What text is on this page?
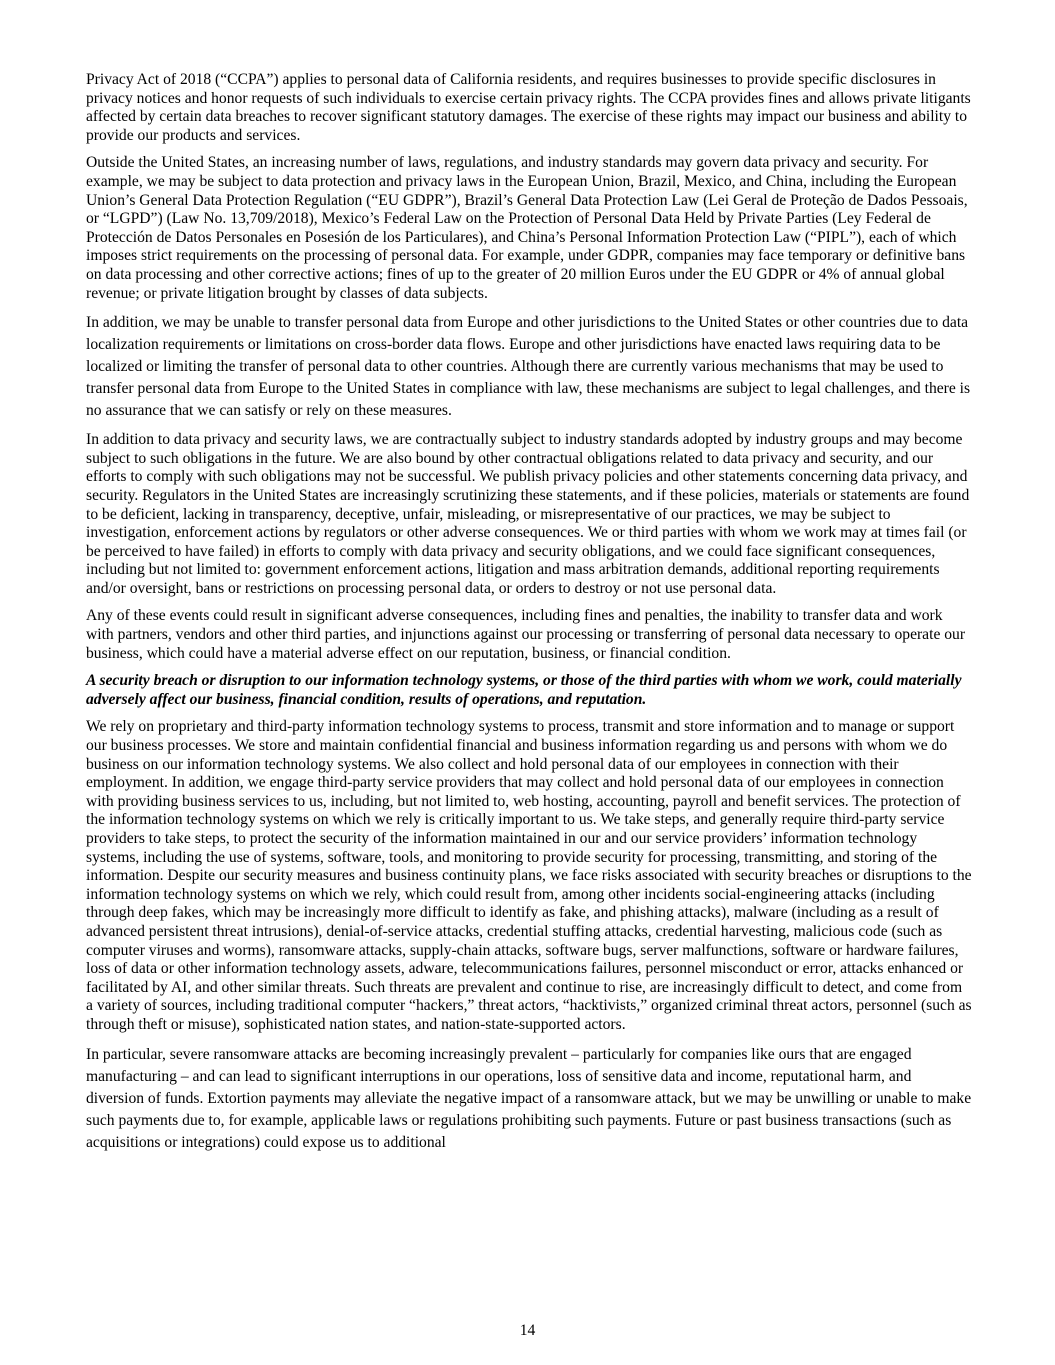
Privacy Act of 2018 (“CCPA”) applies to personal data of California residents, and requires businesses to provide specific disclosures in privacy notices and honor requests of such individuals to exercise certain privacy rights. The CCPA provides fines and allows private litigants affected by certain data breaches to recover significant statutory damages. The exercise of these rights may impact our business and ability to provide our products and services.

Outside the United States, an increasing number of laws, regulations, and industry standards may govern data privacy and security. For example, we may be subject to data protection and privacy laws in the European Union, Brazil, Mexico, and China, including the European Union’s General Data Protection Regulation (“EU GDPR”), Brazil’s General Data Protection Law (Lei Geral de Proteção de Dados Pessoais, or “LGPD”) (Law No. 13,709/2018), Mexico’s Federal Law on the Protection of Personal Data Held by Private Parties (Ley Federal de Protección de Datos Personales en Posesión de los Particulares), and China’s Personal Information Protection Law (“PIPL”), each of which imposes strict requirements on the processing of personal data. For example, under GDPR, companies may face temporary or definitive bans on data processing and other corrective actions; fines of up to the greater of 20 million Euros under the EU GDPR or 4% of annual global revenue; or private litigation brought by classes of data subjects.

In addition, we may be unable to transfer personal data from Europe and other jurisdictions to the United States or other countries due to data localization requirements or limitations on cross-border data flows. Europe and other jurisdictions have enacted laws requiring data to be localized or limiting the transfer of personal data to other countries. Although there are currently various mechanisms that may be used to transfer personal data from Europe to the United States in compliance with law, these mechanisms are subject to legal challenges, and there is no assurance that we can satisfy or rely on these measures.

In addition to data privacy and security laws, we are contractually subject to industry standards adopted by industry groups and may become subject to such obligations in the future. We are also bound by other contractual obligations related to data privacy and security, and our efforts to comply with such obligations may not be successful. We publish privacy policies and other statements concerning data privacy, and security. Regulators in the United States are increasingly scrutinizing these statements, and if these policies, materials or statements are found to be deficient, lacking in transparency, deceptive, unfair, misleading, or misrepresentative of our practices, we may be subject to investigation, enforcement actions by regulators or other adverse consequences. We or third parties with whom we work may at times fail (or be perceived to have failed) in efforts to comply with data privacy and security obligations, and we could face significant consequences, including but not limited to: government enforcement actions, litigation and mass arbitration demands, additional reporting requirements and/or oversight, bans or restrictions on processing personal data, or orders to destroy or not use personal data.

Any of these events could result in significant adverse consequences, including fines and penalties, the inability to transfer data and work with partners, vendors and other third parties, and injunctions against our processing or transferring of personal data necessary to operate our business, which could have a material adverse effect on our reputation, business, or financial condition.

A security breach or disruption to our information technology systems, or those of the third parties with whom we work, could materially adversely affect our business, financial condition, results of operations, and reputation.

We rely on proprietary and third-party information technology systems to process, transmit and store information and to manage or support our business processes. We store and maintain confidential financial and business information regarding us and persons with whom we do business on our information technology systems. We also collect and hold personal data of our employees in connection with their employment. In addition, we engage third-party service providers that may collect and hold personal data of our employees in connection with providing business services to us, including, but not limited to, web hosting, accounting, payroll and benefit services. The protection of the information technology systems on which we rely is critically important to us. We take steps, and generally require third-party service providers to take steps, to protect the security of the information maintained in our and our service providers’ information technology systems, including the use of systems, software, tools, and monitoring to provide security for processing, transmitting, and storing of the information. Despite our security measures and business continuity plans, we face risks associated with security breaches or disruptions to the information technology systems on which we rely, which could result from, among other incidents social-engineering attacks (including through deep fakes, which may be increasingly more difficult to identify as fake, and phishing attacks), malware (including as a result of advanced persistent threat intrusions), denial-of-service attacks, credential stuffing attacks, credential harvesting, malicious code (such as computer viruses and worms), ransomware attacks, supply-chain attacks, software bugs, server malfunctions, software or hardware failures, loss of data or other information technology assets, adware, telecommunications failures, personnel misconduct or error, attacks enhanced or facilitated by AI, and other similar threats. Such threats are prevalent and continue to rise, are increasingly difficult to detect, and come from a variety of sources, including traditional computer “hackers,” threat actors, “hacktivists,” organized criminal threat actors, personnel (such as through theft or misuse), sophisticated nation states, and nation-state-supported actors.

In particular, severe ransomware attacks are becoming increasingly prevalent – particularly for companies like ours that are engaged manufacturing – and can lead to significant interruptions in our operations, loss of sensitive data and income, reputational harm, and diversion of funds. Extortion payments may alleviate the negative impact of a ransomware attack, but we may be unwilling or unable to make such payments due to, for example, applicable laws or regulations prohibiting such payments. Future or past business transactions (such as acquisitions or integrations) could expose us to additional

14
